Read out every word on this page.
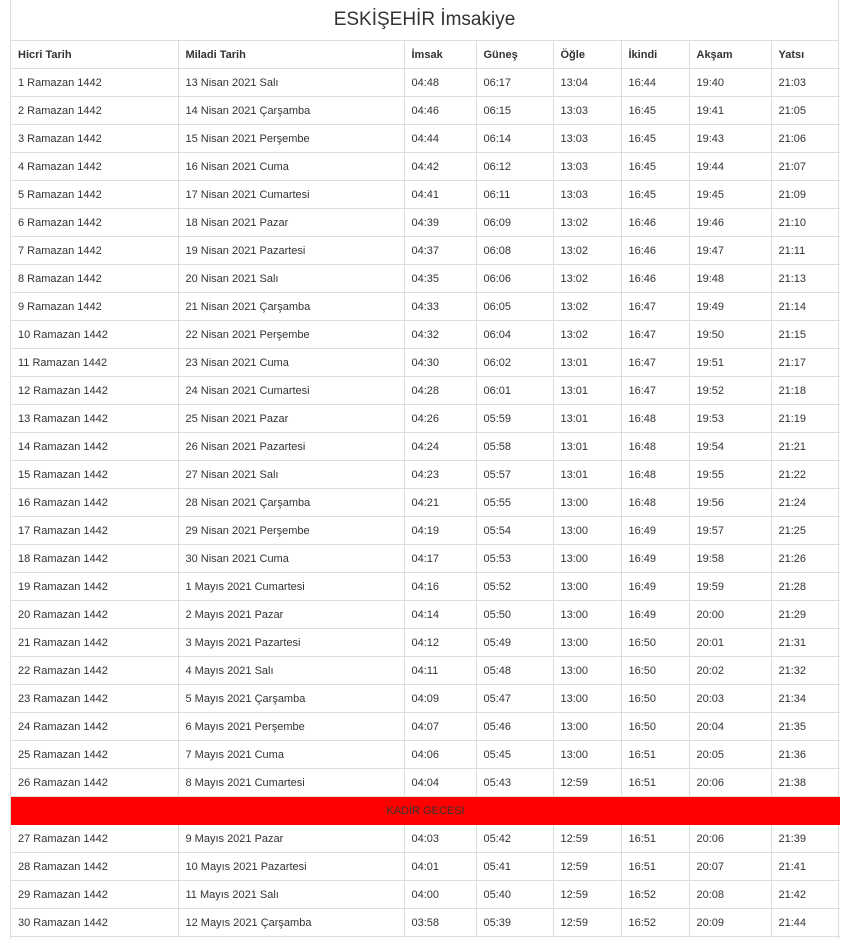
ESKİŞEHİR İmsakiye
Hicri Tarih	Miladi Tarih	İmsak	Güneş	Öğle	İkindi	Akşam	Yatsı
1 Ramazan 1442	13 Nisan 2021 Salı	04:48	06:17	13:04	16:44	19:40	21:03
2 Ramazan 1442	14 Nisan 2021 Çarşamba	04:46	06:15	13:03	16:45	19:41	21:05
3 Ramazan 1442	15 Nisan 2021 Perşembe	04:44	06:14	13:03	16:45	19:43	21:06
4 Ramazan 1442	16 Nisan 2021 Cuma	04:42	06:12	13:03	16:45	19:44	21:07
5 Ramazan 1442	17 Nisan 2021 Cumartesi	04:41	06:11	13:03	16:45	19:45	21:09
6 Ramazan 1442	18 Nisan 2021 Pazar	04:39	06:09	13:02	16:46	19:46	21:10
7 Ramazan 1442	19 Nisan 2021 Pazartesi	04:37	06:08	13:02	16:46	19:47	21:11
8 Ramazan 1442	20 Nisan 2021 Salı	04:35	06:06	13:02	16:46	19:48	21:13
9 Ramazan 1442	21 Nisan 2021 Çarşamba	04:33	06:05	13:02	16:47	19:49	21:14
10 Ramazan 1442	22 Nisan 2021 Perşembe	04:32	06:04	13:02	16:47	19:50	21:15
11 Ramazan 1442	23 Nisan 2021 Cuma	04:30	06:02	13:01	16:47	19:51	21:17
12 Ramazan 1442	24 Nisan 2021 Cumartesi	04:28	06:01	13:01	16:47	19:52	21:18
13 Ramazan 1442	25 Nisan 2021 Pazar	04:26	05:59	13:01	16:48	19:53	21:19
14 Ramazan 1442	26 Nisan 2021 Pazartesi	04:24	05:58	13:01	16:48	19:54	21:21
15 Ramazan 1442	27 Nisan 2021 Salı	04:23	05:57	13:01	16:48	19:55	21:22
16 Ramazan 1442	28 Nisan 2021 Çarşamba	04:21	05:55	13:00	16:48	19:56	21:24
17 Ramazan 1442	29 Nisan 2021 Perşembe	04:19	05:54	13:00	16:49	19:57	21:25
18 Ramazan 1442	30 Nisan 2021 Cuma	04:17	05:53	13:00	16:49	19:58	21:26
19 Ramazan 1442	1 Mayıs 2021 Cumartesi	04:16	05:52	13:00	16:49	19:59	21:28
20 Ramazan 1442	2 Mayıs 2021 Pazar	04:14	05:50	13:00	16:49	20:00	21:29
21 Ramazan 1442	3 Mayıs 2021 Pazartesi	04:12	05:49	13:00	16:50	20:01	21:31
22 Ramazan 1442	4 Mayıs 2021 Salı	04:11	05:48	13:00	16:50	20:02	21:32
23 Ramazan 1442	5 Mayıs 2021 Çarşamba	04:09	05:47	13:00	16:50	20:03	21:34
24 Ramazan 1442	6 Mayıs 2021 Perşembe	04:07	05:46	13:00	16:50	20:04	21:35
25 Ramazan 1442	7 Mayıs 2021 Cuma	04:06	05:45	13:00	16:51	20:05	21:36
26 Ramazan 1442	8 Mayıs 2021 Cumartesi	04:04	05:43	12:59	16:51	20:06	21:38
KADİR GECESİ							
27 Ramazan 1442	9 Mayıs 2021 Pazar	04:03	05:42	12:59	16:51	20:06	21:39
28 Ramazan 1442	10 Mayıs 2021 Pazartesi	04:01	05:41	12:59	16:51	20:07	21:41
29 Ramazan 1442	11 Mayıs 2021 Salı	04:00	05:40	12:59	16:52	20:08	21:42
30 Ramazan 1442	12 Mayıs 2021 Çarşamba	03:58	05:39	12:59	16:52	20:09	21:44
